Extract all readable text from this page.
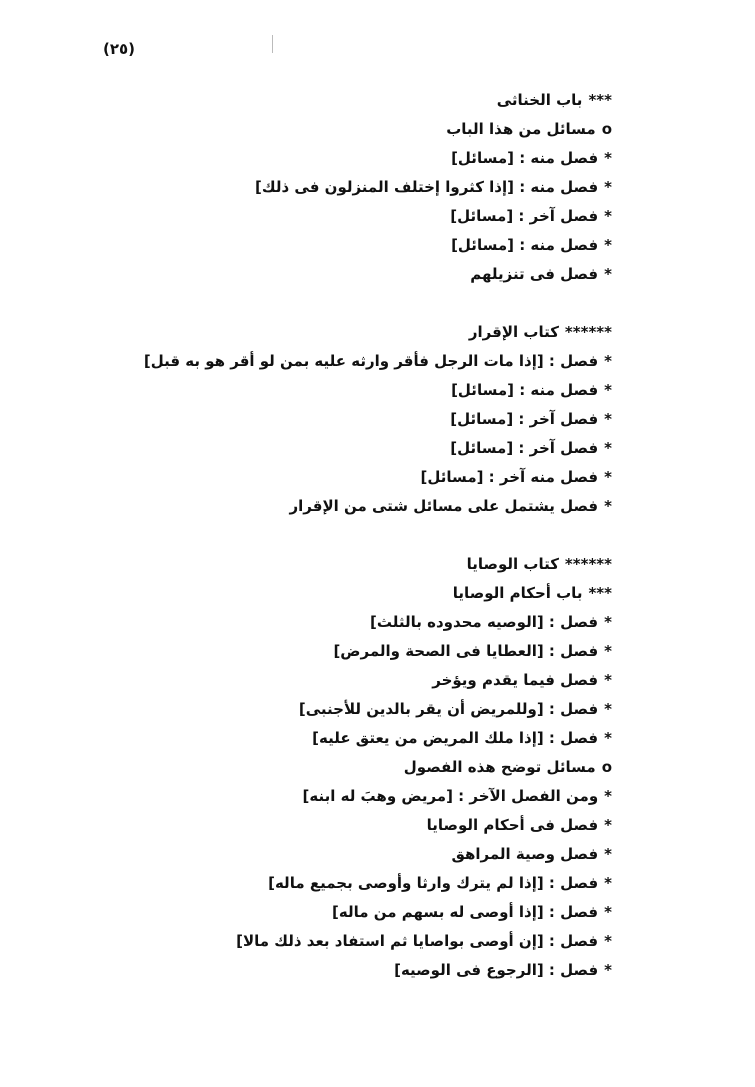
(٢٥)
***باب الخناثى
oمسائل من هذا الباب
*فصل منه : [مسائل]
*فصل منه : [إذا كثروا إختلف المنزلون فى ذلك]
*فصل آخر : [مسائل]
*فصل منه : [مسائل]
*فصل فى تنزيلهم
******كتاب الإقرار
*فصل : [إذا مات الرجل فأقر وارثه عليه بمن لو أقر هو به قبل]
*فصل منه : [مسائل]
*فصل آخر : [مسائل]
*فصل آخر : [مسائل]
*فصل منه آخر : [مسائل]
*فصل يشتمل على مسائل شتى من الإقرار
******كتاب الوصايا
***باب أحكام الوصايا
*فصل : [الوصيه محدوده بالثلث]
*فصل : [العطايا فى الصحة والمرض]
*فصل فيما يقدم ويؤخر
*فصل : [وللمريض أن يقر بالدين للأجنبى]
*فصل : [إذا ملك المريض من يعتق عليه]
oمسائل توضح هذه الفصول
*ومن الفصل الآخر : [مريض وهبَ له ابنه]
*فصل فى أحكام الوصايا
*فصل وصية المراهق
*فصل : [إذا لم يترك وارثا وأوصى بجميع ماله]
*فصل : [إذا أوصى له بسهم من ماله]
*فصل : [إن أوصى بواصايا ثم استفاد بعد ذلك مالا]
*فصل : [الرجوع فى الوصيه]
